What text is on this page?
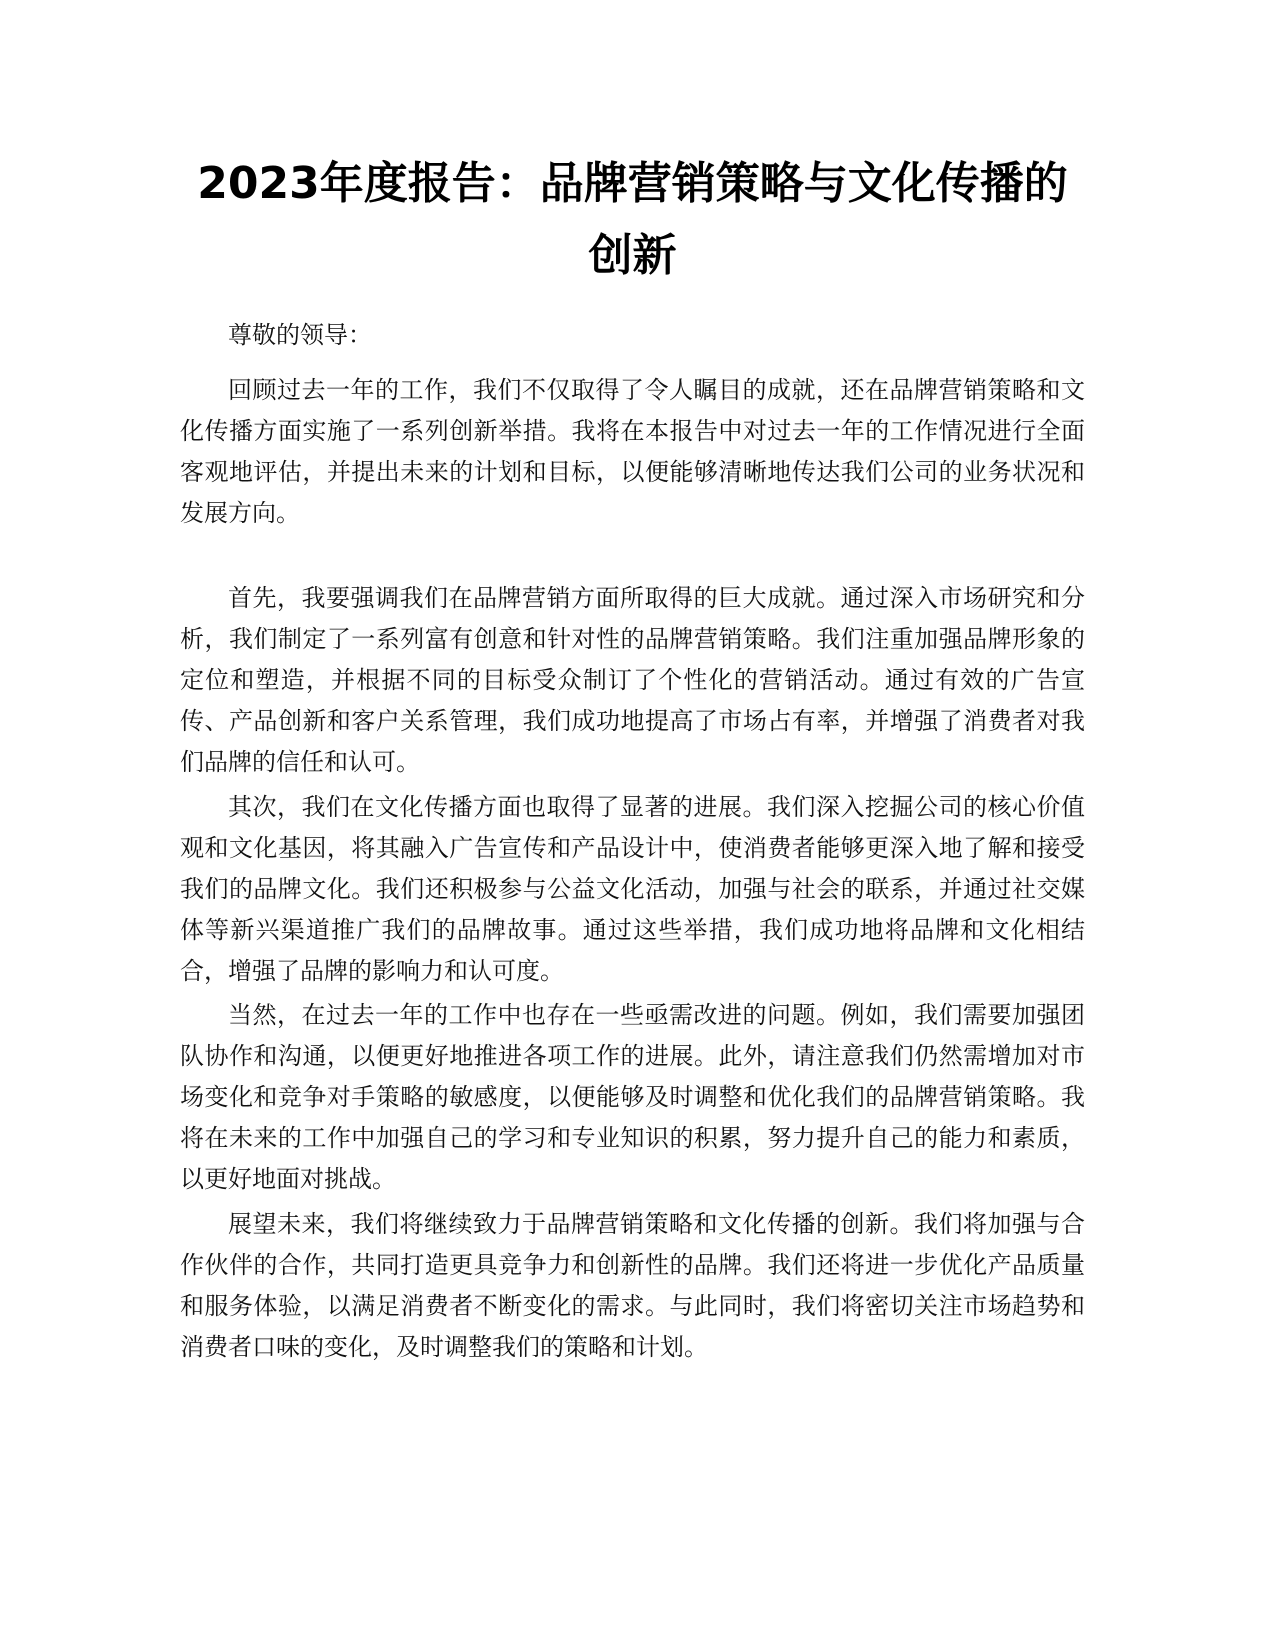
2023年度报告：品牌营销策略与文化传播的创新

尊敬的领导：

回顾过去一年的工作，我们不仅取得了令人瞩目的成就，还在品牌营销策略和文化传播方面实施了一系列创新举措。我将在本报告中对过去一年的工作情况进行全面客观地评估，并提出未来的计划和目标，以便能够清晰地传达我们公司的业务状况和发展方向。

首先，我要强调我们在品牌营销方面所取得的巨大成就。通过深入市场研究和分析，我们制定了一系列富有创意和针对性的品牌营销策略。我们注重加强品牌形象的定位和塑造，并根据不同的目标受众制订了个性化的营销活动。通过有效的广告宣传、产品创新和客户关系管理，我们成功地提高了市场占有率，并增强了消费者对我们品牌的信任和认可。

其次，我们在文化传播方面也取得了显著的进展。我们深入挖掘公司的核心价值观和文化基因，将其融入广告宣传和产品设计中，使消费者能够更深入地了解和接受我们的品牌文化。我们还积极参与公益文化活动，加强与社会的联系，并通过社交媒体等新兴渠道推广我们的品牌故事。通过这些举措，我们成功地将品牌和文化相结合，增强了品牌的影响力和认可度。

当然，在过去一年的工作中也存在一些亟需改进的问题。例如，我们需要加强团队协作和沟通，以便更好地推进各项工作的进展。此外，请注意我们仍然需增加对市场变化和竞争对手策略的敏感度，以便能够及时调整和优化我们的品牌营销策略。我将在未来的工作中加强自己的学习和专业知识的积累，努力提升自己的能力和素质，以更好地面对挑战。

展望未来，我们将继续致力于品牌营销策略和文化传播的创新。我们将加强与合作伙伴的合作，共同打造更具竞争力和创新性的品牌。我们还将进一步优化产品质量和服务体验，以满足消费者不断变化的需求。与此同时，我们将密切关注市场趋势和消费者口味的变化，及时调整我们的策略和计划。
